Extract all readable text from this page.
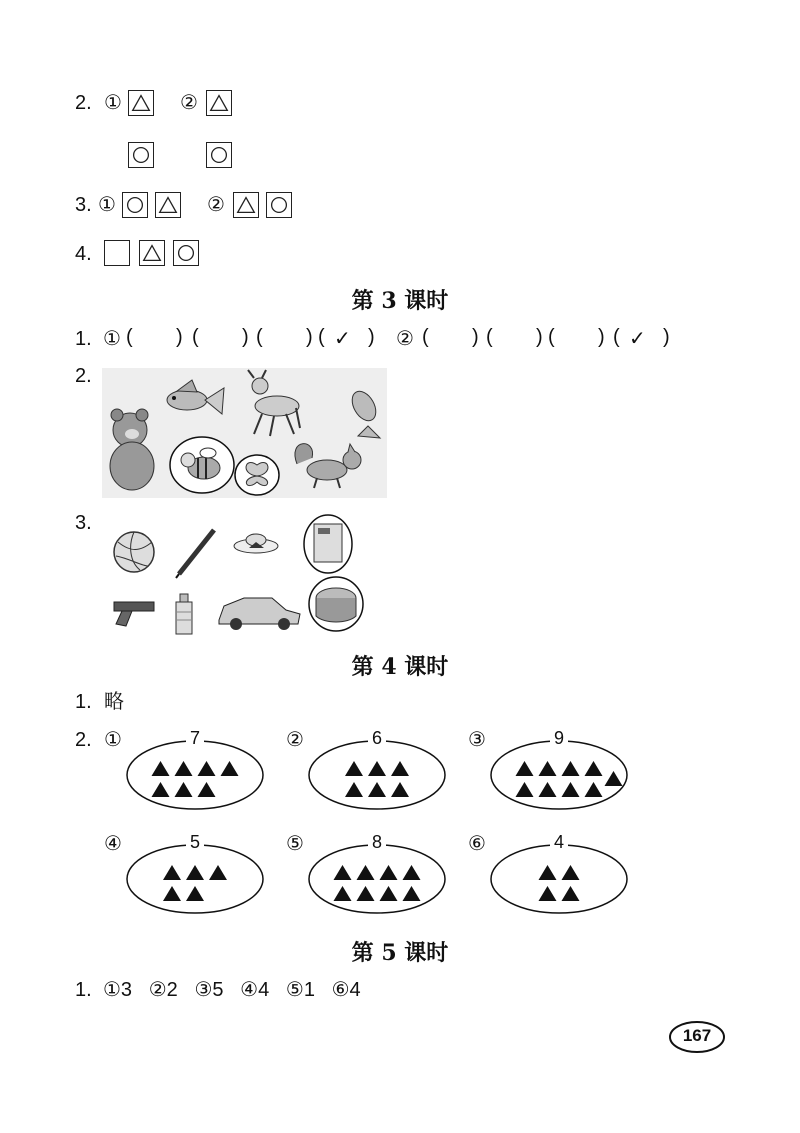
2. ①	②
3. ①	②
4.
第 3 课时
1. ① ( ) ( ) ( ) ( )
✓	( ) ( ) ( ) ( )
✓
②
2.
3.
第 4 课时
1. 略
2. ①	7	②	6	③	9
④	5	⑤	8	⑥	4
第 5 课时
1. ①3   ②2   ③5   ④4   ⑤1   ⑥4
167
